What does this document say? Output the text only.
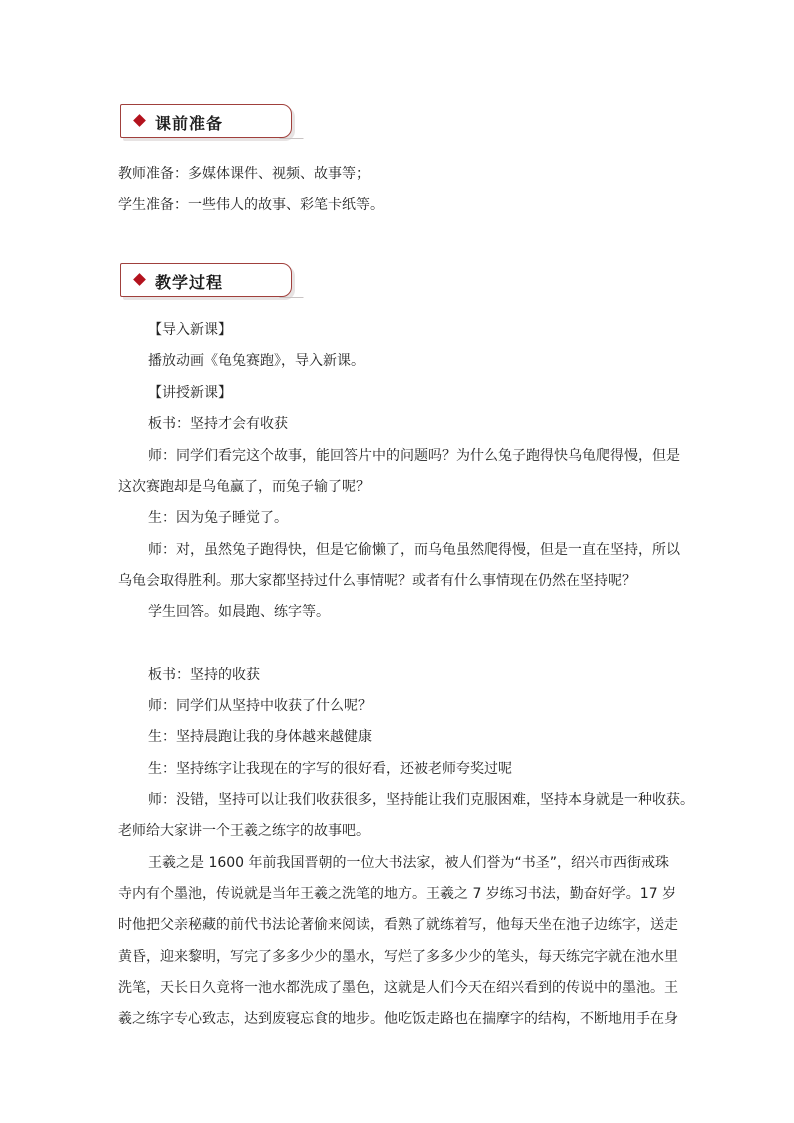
课前准备
教师准备：多媒体课件、视频、故事等；
学生准备：一些伟人的故事、彩笔卡纸等。
教学过程
【导入新课】
播放动画《龟兔赛跑》，导入新课。
【讲授新课】
板书：坚持才会有收获
师：同学们看完这个故事，能回答片中的问题吗？为什么兔子跑得快乌龟爬得慢，但是
这次赛跑却是乌龟赢了，而兔子输了呢？
生：因为兔子睡觉了。
师：对，虽然兔子跑得快，但是它偷懒了，而乌龟虽然爬得慢，但是一直在坚持，所以
乌龟会取得胜利。那大家都坚持过什么事情呢？或者有什么事情现在仍然在坚持呢？
学生回答。如晨跑、练字等。
板书：坚持的收获
师：同学们从坚持中收获了什么呢？
生：坚持晨跑让我的身体越来越健康
生：坚持练字让我现在的字写的很好看，还被老师夸奖过呢
师：没错，坚持可以让我们收获很多，坚持能让我们克服困难，坚持本身就是一种收获。
老师给大家讲一个王羲之练字的故事吧。
王羲之是 1600 年前我国晋朝的一位大书法家，被人们誉为“书圣”，绍兴市西街戒珠
寺内有个墨池，传说就是当年王羲之洗笔的地方。王羲之 7 岁练习书法，勤奋好学。17 岁
时他把父亲秘藏的前代书法论著偷来阅读，看熟了就练着写，他每天坐在池子边练字，送走
黄昏，迎来黎明，写完了多多少少的墨水，写烂了多多少少的笔头，每天练完字就在池水里
洗笔，天长日久竟将一池水都洗成了墨色，这就是人们今天在绍兴看到的传说中的墨池。王
羲之练字专心致志，达到废寝忘食的地步。他吃饭走路也在揣摩字的结构，不断地用手在身
